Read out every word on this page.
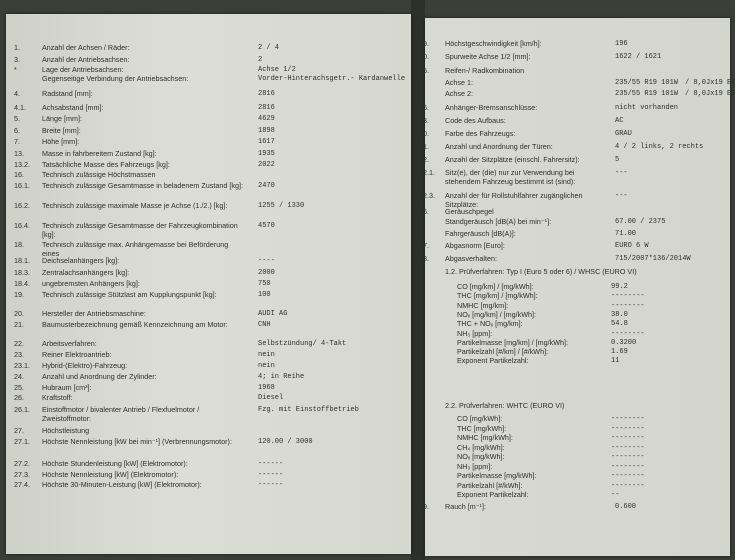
1.	Anzahl der Achsen / Räder:	2 / 4
3.	Anzahl der Antriebsachsen:	2
*	Lage der Antriebsachsen:	Achse 1/2
Gegenseitige Verbindung der Antriebsachsen:	Vorder-Hinterachsgetr.- Kardanwelle
4.	Radstand [mm]:	2816
4.1. Achsabstand [mm]:	2816
5.	Länge [mm]:	4629
6.	Breite [mm]:	1898
7.	Höhe [mm]:	1617
13.	Masse in fahrbereitem Zustand [kg]:	1935
13.2. Tatsächliche Masse des Fahrzeugs [kg]:	2022
16.	Technisch zulässige Höchstmassen
16.1. Technisch zulässige Gesamtmasse in beladenem Zustand [kg]:	2470
16.2. Technisch zulässige maximale Masse je Achse (1./2.) [kg]:	1255 / 1330
16.4. Technisch zulässige Gesamtmasse der Fahrzeugkombination [kg]:
4570
18.	Technisch zulässige max. Anhängemasse bei Beförderung eines
18.1. Deichselanhängers [kg]:	----
18.3. Zentralachsanhängers [kg]:	2000
18.4. ungebremsten Anhängers [kg]:	750
19.	Technisch zulässige Stützlast am Kupplungspunkt [kg]:	100
20.	Hersteller der Antriebsmaschine:	AUDI AG
21.	Baumusterbezeichnung gemäß Kennzeichnung am Motor:	CNH
22.	Arbeitsverfahren:	Selbstzündung/ 4-Takt
23.	Reiner Elektroantrieb:	nein
23.1. Hybrid-(Elektro)-Fahrzeug:	nein
24.	Anzahl und Anordnung der Zylinder:	4; in Reihe
25.	Hubraum [cm³]:	1968
26.	Kraftstoff:	Diesel
26.1. Einstoffmotor / bivalenter Antrieb / Flexfuelmotor / Zweistoffmotor:
Fzg. mit Einstoffbetrieb
27.	Höchstleistung
27.1. Höchste Nennleistung [kW bei min⁻¹] (Verbrennungsmotor):	120.00 / 3000
27.2. Höchste Stundenleistung [kW] (Elektromotor):	------
27.3. Höchste Nennleistung [kW] (Elektromotor):	------
27.4. Höchste 30-Minuten-Leistung [kW] (Elektromotor):	------
29. Höchstgeschwindigkeit [km/h]:	196
30. Spurweite Achse 1/2 [mm]:	1622 / 1621
35. Reifen-/ Radkombination
Achse 1:	235/55 R19 101W / 8,0Jx19 ET
Achse 2:	235/55 R19 101W / 8,0Jx19 ET
36. Anhänger-Bremsanschlüsse:	nicht vorhanden
38. Code des Aufbaus:	AC
40. Farbe des Fahrzeugs:	GRAU
41. Anzahl und Anordnung der Türen:	4 / 2 links, 2 rechts
42. Anzahl der Sitzplätze (einschl. Fahrersitz):	5
42.1. Sitz(e), der (die) nur zur Verwendung bei stehendem Fahrzeug bestimmt ist (sind):
---
42.3. Anzahl der für Rollstuhlfahrer zugänglichen Sitzplätze:
---
46. Geräuschpegel
Standgeräusch [dB(A) bei min⁻¹]:	67.00 / 2375
Fahrgeräusch [dB(A)]:	71.00
47. Abgasnorm [Euro]:	EURO 6 W
48. Abgasverhalten:	715/2007*136/2014W
1.2. Prüfverfahren: Typ I (Euro 5 oder 6) / WHSC (EURO VI)
CO [mg/km] / [mg/kWh]:	99.2
THC [mg/km] / [mg/kWh]:	--------
NMHC [mg/km]:	--------
NOₓ [mg/km] / [mg/kWh]:	38.0
THC + NOₓ [mg/km]:	54.8
NH₃ [ppm]:	--------
Partikelmasse [mg/km] / [mg/kWh]:	0.3200
Partikelzahl [#/km] / [#/kWh]:	1.69
Exponent Partikelzahl:	11
2.2. Prüfverfahren: WHTC (EURO VI)
CO [mg/kWh]:	--------
THC [mg/kWh]:	--------
NMHC [mg/kWh]:	--------
CH₄ [mg/kWh]:	--------
NOₓ [mg/kWh]:	--------
NH₃ [ppm]:	--------
Partikelmasse [mg/kWh]:	--------
Partikelzahl [#/kWh]:	--------
Exponent Partikelzahl:	--
49. Rauch [m⁻¹]:	0.600
